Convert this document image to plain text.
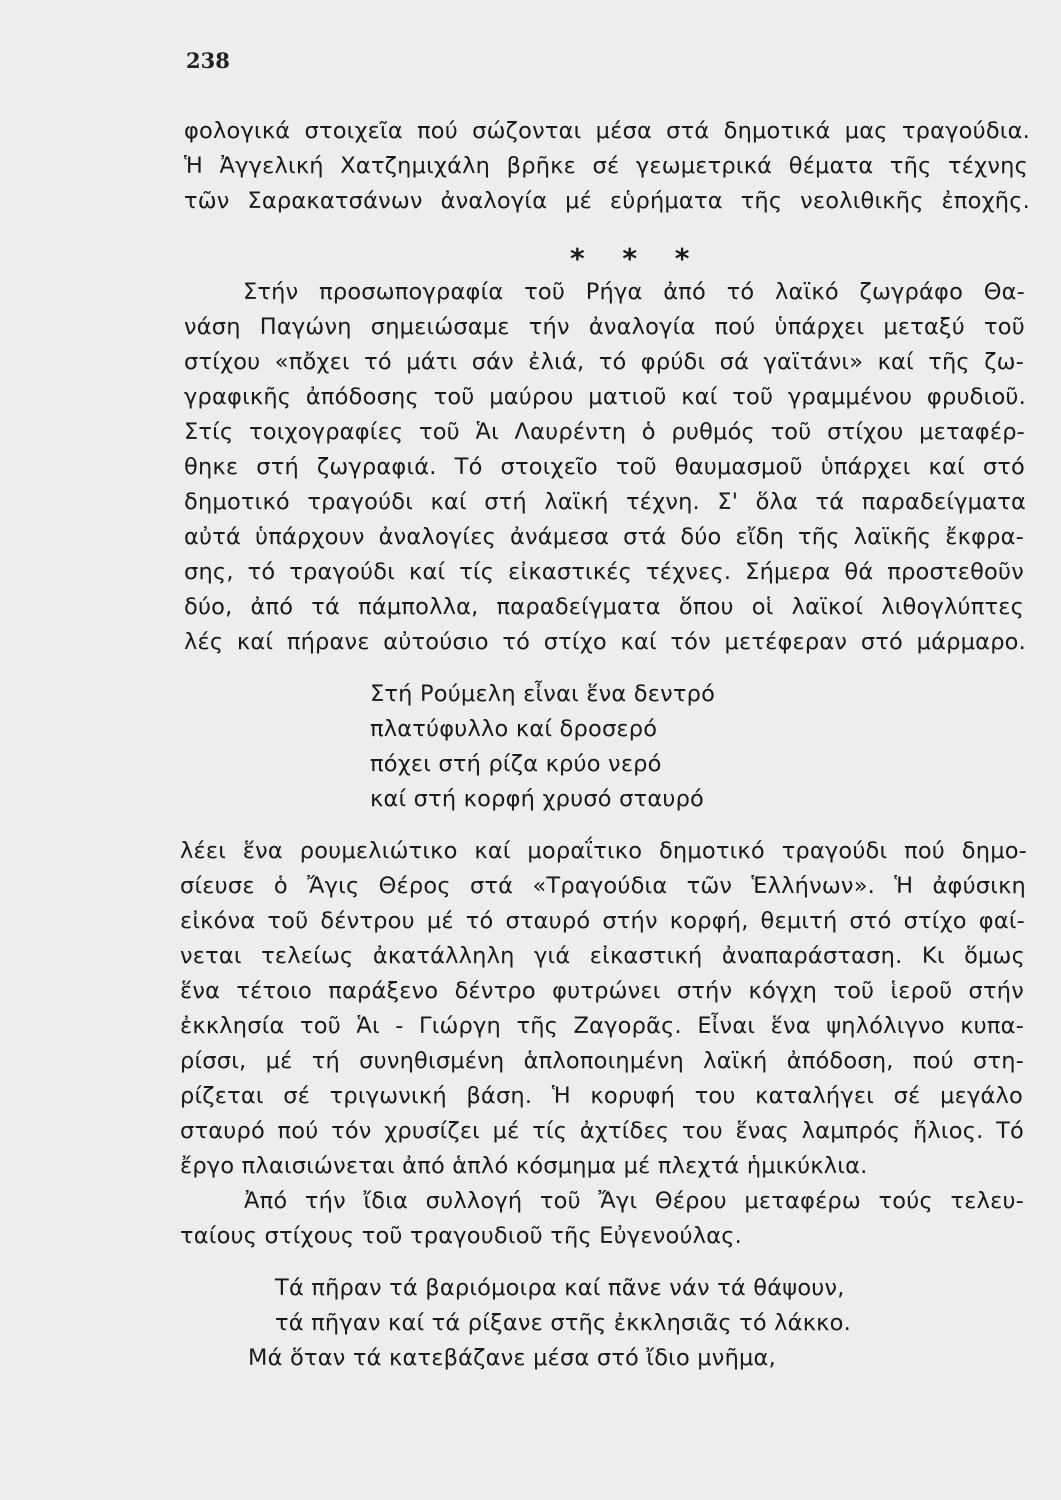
238
φολογικά στοιχεῖα πού σώζονται μέσα στά δημοτικά μας τραγούδια.
Ἡ Ἀγγελική Χατζημιχάλη βρῆκε σέ γεωμετρικά θέματα τῆς τέχνης
τῶν Σαρακατσάνων ἀναλογία μέ εὑρήματα τῆς νεολιθικῆς ἐποχῆς.
* * *
Στήν προσωπογραφία τοῦ Ρήγα ἀπό τό λαϊκό ζωγράφο Θα-
νάση Παγώνη σημειώσαμε τήν ἀναλογία πού ὑπάρχει μεταξύ τοῦ
στίχου «πὄχει τό μάτι σάν ἐλιά, τό φρύδι σά γαϊτάνι» καί τῆς ζω-
γραφικῆς ἀπόδοσης τοῦ μαύρου ματιοῦ καί τοῦ γραμμένου φρυδιοῦ.
Στίς τοιχογραφίες τοῦ Ἁι Λαυρέντη ὁ ρυθμός τοῦ στίχου μεταφέρ-
θηκε στή ζωγραφιά. Τό στοιχεῖο τοῦ θαυμασμοῦ ὑπάρχει καί στό
δημοτικό τραγούδι καί στή λαϊκή τέχνη. Σ' ὅλα τά παραδείγματα
αὐτά ὑπάρχουν ἀναλογίες ἀνάμεσα στά δύο εἴδη τῆς λαϊκῆς ἔκφρα-
σης, τό τραγούδι καί τίς εἰκαστικές τέχνες. Σήμερα θά προστεθοῦν
δύο, ἀπό τά πάμπολλα, παραδείγματα ὅπου οἱ λαϊκοί λιθογλύπτες
λές καί πήρανε αὐτούσιο τό στίχο καί τόν μετέφεραν στό μάρμαρο.
Στή Ρούμελη εἶναι ἕνα δεντρό
πλατύφυλλο καί δροσερό
πόχει στή ρίζα κρύο νερό
καί στή κορφή χρυσό σταυρό
λέει ἕνα ρουμελιώτικο καί μοραΐτικο δημοτικό τραγούδι πού δημο-
σίευσε ὁ Ἄγις Θέρος στά «Τραγούδια τῶν Ἑλλήνων». Ἡ ἀφύσικη
εἰκόνα τοῦ δέντρου μέ τό σταυρό στήν κορφή, θεμιτή στό στίχο φαί-
νεται τελείως ἀκατάλληλη γιά εἰκαστική ἀναπαράσταση. Κι ὅμως
ἕνα τέτοιο παράξενο δέντρο φυτρώνει στήν κόγχη τοῦ ἱεροῦ στήν
ἐκκλησία τοῦ Ἁι - Γιώργη τῆς Ζαγορᾶς. Εἶναι ἕνα ψηλόλιγνο κυπα-
ρίσσι, μέ τή συνηθισμένη ἁπλοποιημένη λαϊκή ἀπόδοση, πού στη-
ρίζεται σέ τριγωνική βάση. Ἡ κορυφή του καταλήγει σέ μεγάλο
σταυρό πού τόν χρυσίζει μέ τίς ἀχτίδες του ἕνας λαμπρός ἥλιος. Τό
ἔργο πλαισιώνεται ἀπό ἁπλό κόσμημα μέ πλεχτά ἡμικύκλια.
Ἀπό τήν ἴδια συλλογή τοῦ Ἄγι Θέρου μεταφέρω τούς τελευ-
ταίους στίχους τοῦ τραγουδιοῦ τῆς Εὐγενούλας.
Τά πῆραν τά βαριόμοιρα καί πᾶνε νάν τά θάψουν,
τά πῆγαν καί τά ρίξανε στῆς ἐκκλησιᾶς τό λάκκο.
Μά ὅταν τά κατεβάζανε μέσα στό ἴδιο μνῆμα,
